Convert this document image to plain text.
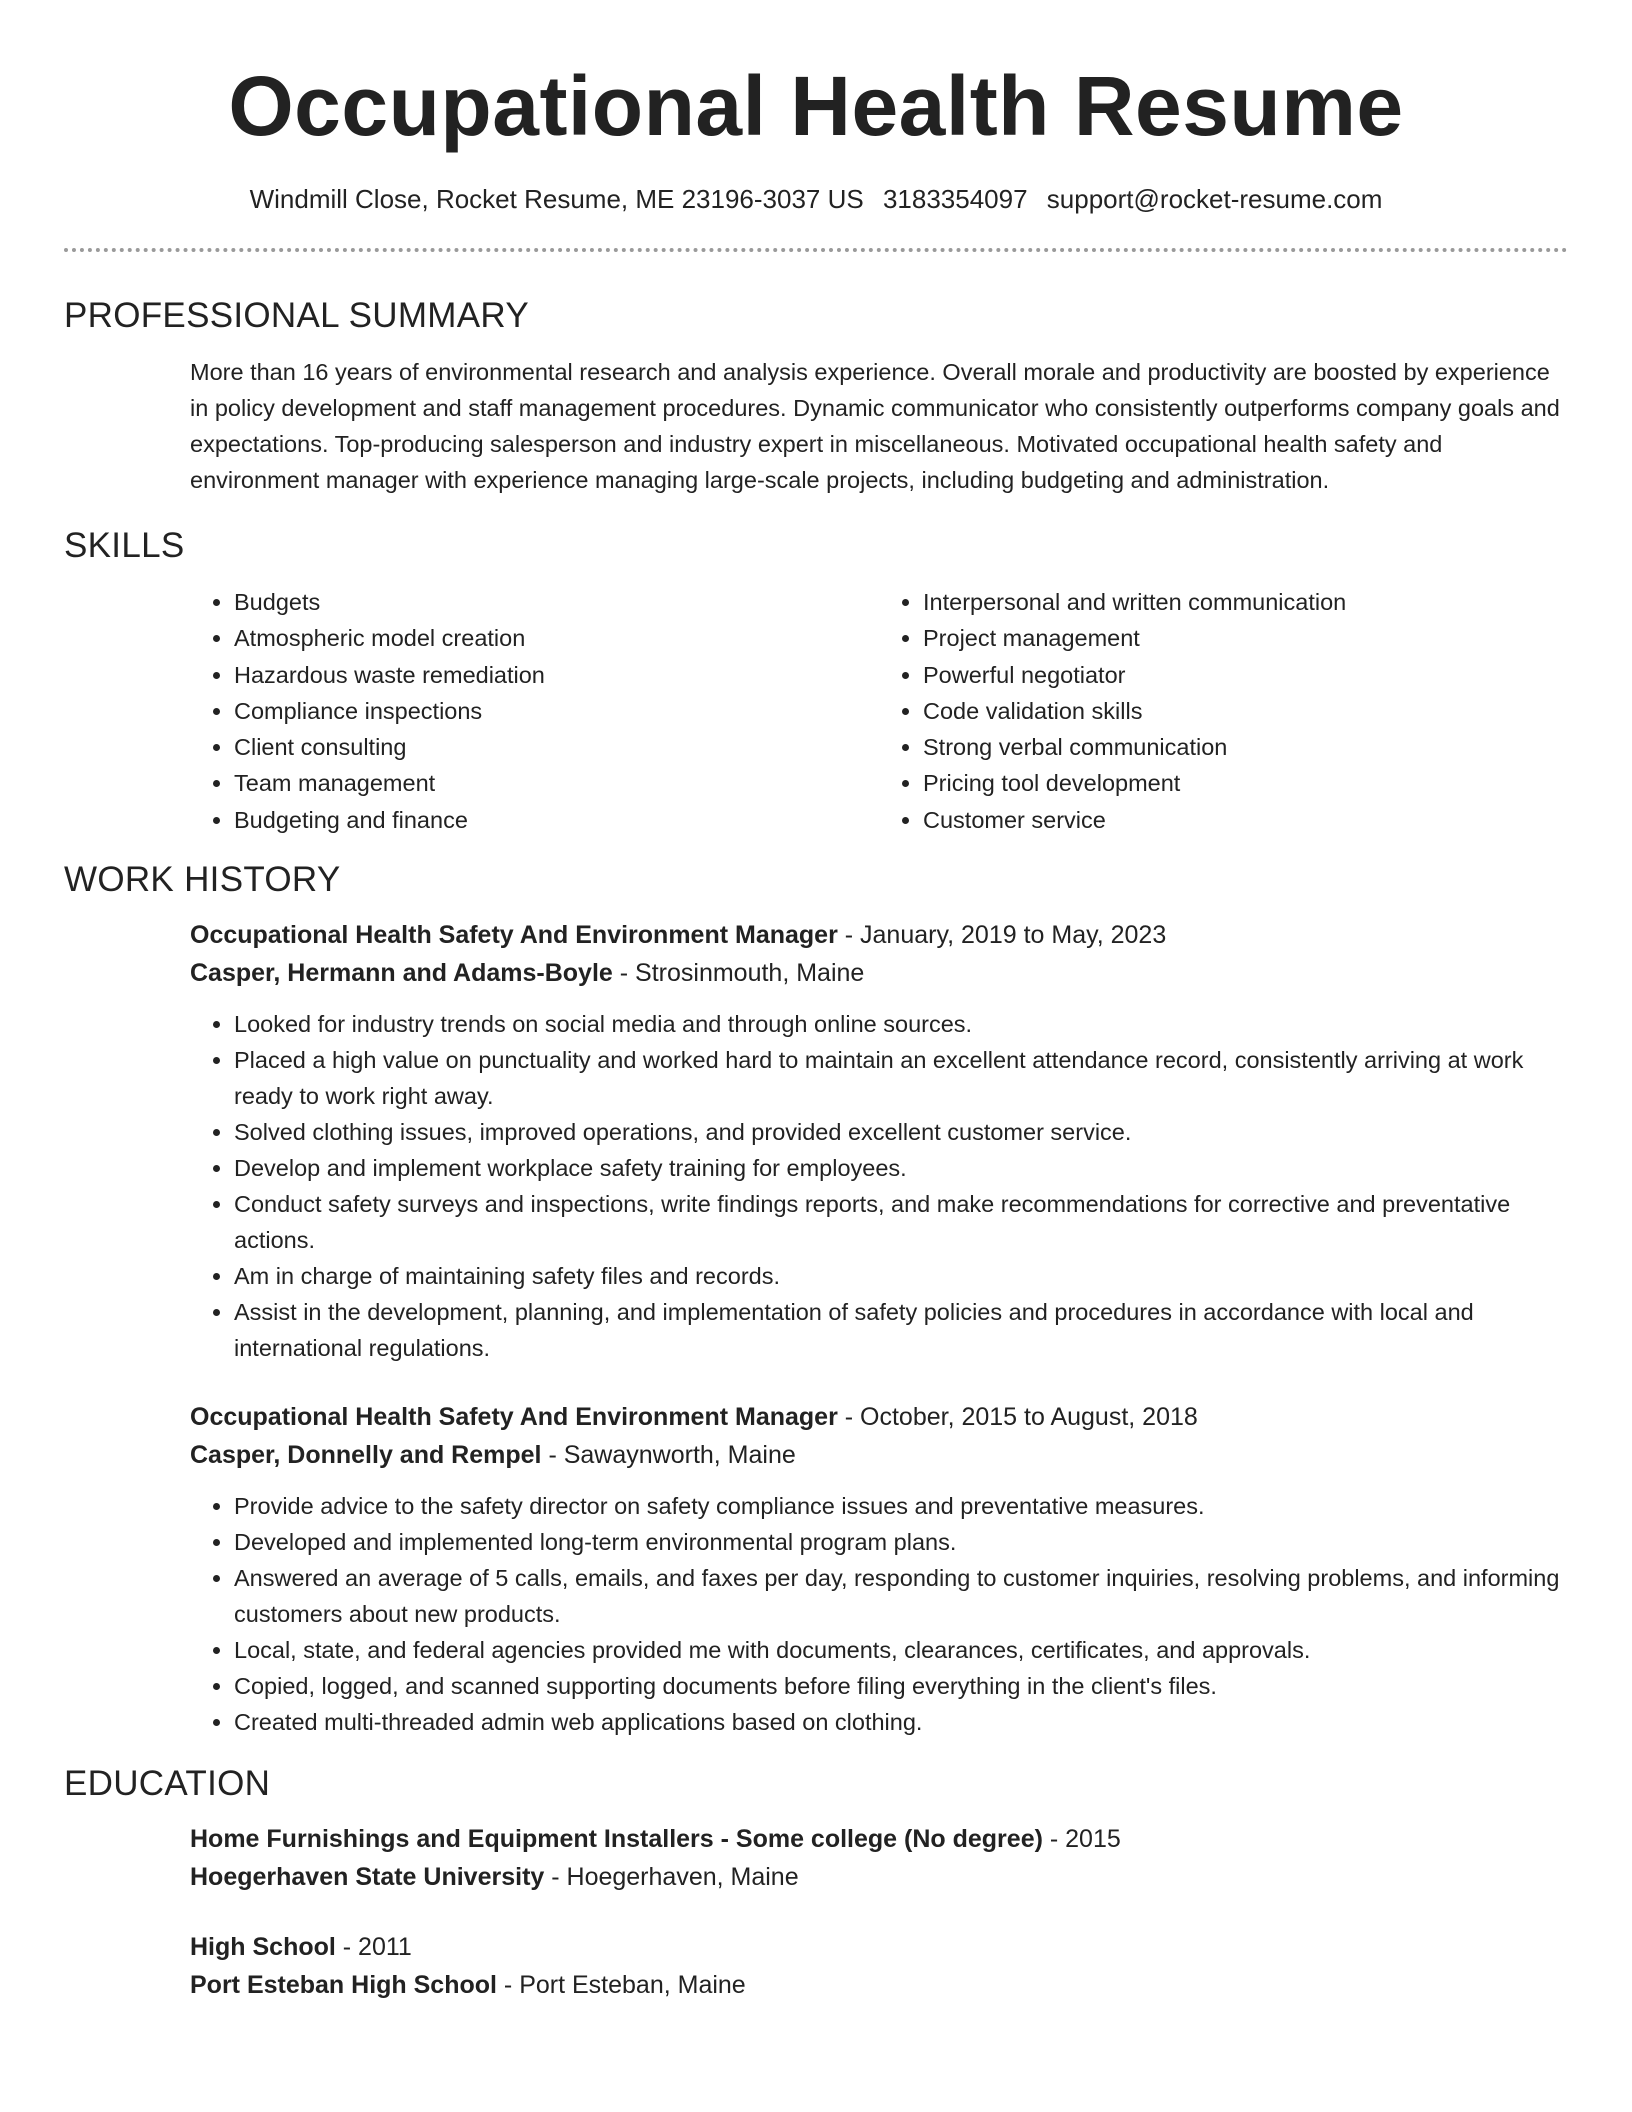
Occupational Health Resume
Windmill Close, Rocket Resume, ME 23196-3037 US 3183354097 support@rocket-resume.com
PROFESSIONAL SUMMARY

More than 16 years of environmental research and analysis experience. Overall morale and productivity are boosted by experience in policy development and staff management procedures. Dynamic communicator who consistently outperforms company goals and expectations. Top-producing salesperson and industry expert in miscellaneous. Motivated occupational health safety and environment manager with experience managing large-scale projects, including budgeting and administration.

SKILLS
• Budgets
• Atmospheric model creation
• Hazardous waste remediation
• Compliance inspections
• Client consulting
• Team management
• Budgeting and finance
• Interpersonal and written communication
• Project management
• Powerful negotiator
• Code validation skills
• Strong verbal communication
• Pricing tool development
• Customer service
WORK HISTORY
Occupational Health Safety And Environment Manager - January, 2019 to May, 2023
Casper, Hermann and Adams-Boyle - Strosinmouth, Maine
• Looked for industry trends on social media and through online sources.
• Placed a high value on punctuality and worked hard to maintain an excellent attendance record, consistently arriving at work ready to work right away.
• Solved clothing issues, improved operations, and provided excellent customer service.
• Develop and implement workplace safety training for employees.
• Conduct safety surveys and inspections, write findings reports, and make recommendations for corrective and preventative actions.
• Am in charge of maintaining safety files and records.
• Assist in the development, planning, and implementation of safety policies and procedures in accordance with local and international regulations.
Occupational Health Safety And Environment Manager - October, 2015 to August, 2018
Casper, Donnelly and Rempel - Sawaynworth, Maine
• Provide advice to the safety director on safety compliance issues and preventative measures.
• Developed and implemented long-term environmental program plans.
• Answered an average of 5 calls, emails, and faxes per day, responding to customer inquiries, resolving problems, and informing customers about new products.
• Local, state, and federal agencies provided me with documents, clearances, certificates, and approvals.
• Copied, logged, and scanned supporting documents before filing everything in the client's files.
• Created multi-threaded admin web applications based on clothing.
EDUCATION
Home Furnishings and Equipment Installers - Some college (No degree) - 2015
Hoegerhaven State University - Hoegerhaven, Maine
High School - 2011
Port Esteban High School - Port Esteban, Maine
